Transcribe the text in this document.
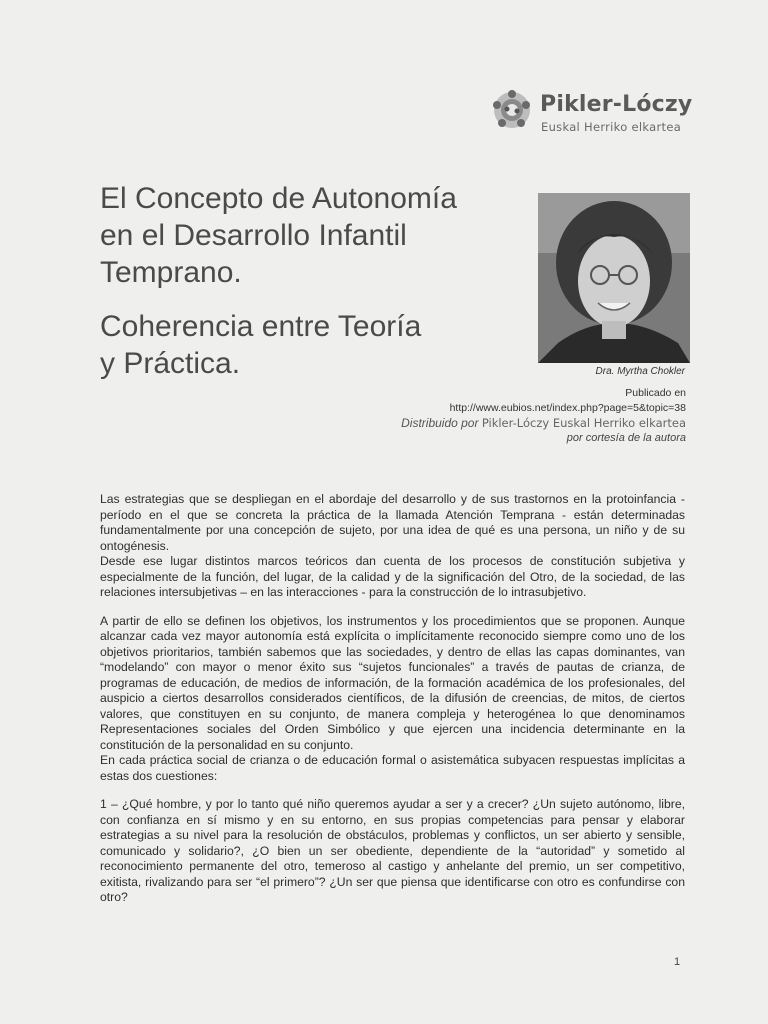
Pikler-Lóczy
Euskal Herriko elkartea
El Concepto de Autonomía
en el Desarrollo Infantil
Temprano.
Coherencia entre Teoría
y Práctica.	Dra. Myrtha Chokler
Publicado en
http://www.eubios.net/index.php?page=5&topic=38
Distribuido por Pikler-Lóczy Euskal Herriko elkartea
por cortesía de la autora

Las estrategias que se despliegan en el abordaje del desarrollo y de sus trastornos en la protoinfancia - período en el que se concreta la práctica de la llamada Atención Temprana - están determinadas fundamentalmente por una concepción de sujeto, por una idea de qué es una persona, un niño y de su ontogénesis.

Desde ese lugar distintos marcos teóricos dan cuenta de los procesos de constitución subjetiva y especialmente de la función, del lugar, de la calidad y de la significación del Otro, de la sociedad, de las relaciones intersubjetivas – en las interacciones - para la construcción de lo intrasubjetivo.

A partir de ello se definen los objetivos, los instrumentos y los procedimientos que se proponen. Aunque alcanzar cada vez mayor autonomía está explícita o implícitamente reconocido siempre como uno de los objetivos prioritarios, también sabemos que las sociedades, y dentro de ellas las capas dominantes, van “modelando” con mayor o menor éxito sus “sujetos funcionales” a través de pautas de crianza, de programas de educación, de medios de información, de la formación académica de los profesionales, del auspicio a ciertos desarrollos considerados científicos, de la difusión de creencias, de mitos, de ciertos valores, que constituyen en su conjunto, de manera compleja y heterogénea lo que denominamos Representaciones sociales del Orden Simbólico y que ejercen una incidencia determinante en la constitución de la personalidad en su conjunto.

En cada práctica social de crianza o de educación formal o asistemática subyacen respuestas implícitas a estas dos cuestiones:

1 – ¿Qué hombre, y por lo tanto qué niño queremos ayudar a ser y a crecer? ¿Un sujeto autónomo, libre, con confianza en sí mismo y en su entorno, en sus propias competencias para pensar y elaborar estrategias a su nivel para la resolución de obstáculos, problemas y conflictos, un ser abierto y sensible, comunicado y solidario?, ¿O bien un ser obediente, dependiente de la “autoridad” y sometido al reconocimiento permanente del otro, temeroso al castigo y anhelante del premio, un ser competitivo, exitista, rivalizando para ser “el primero”? ¿Un ser que piensa que identificarse con otro es confundirse con otro?

1
